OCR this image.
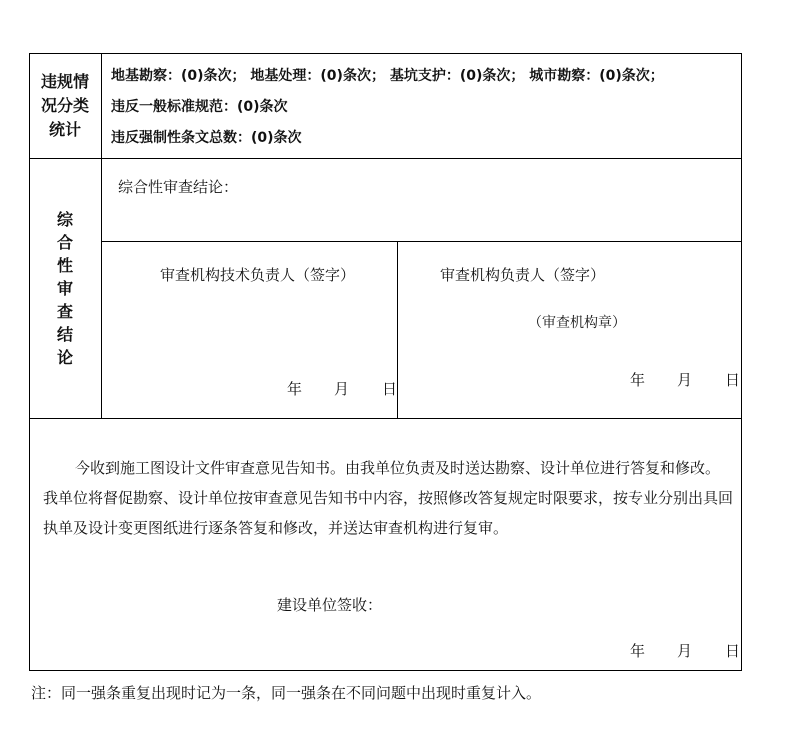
违规情
况分类
统计
地基勘察：(0)条次； 地基处理：(0)条次； 基坑支护：(0)条次； 城市勘察：(0)条次；
违反一般标准规范：(0)条次
违反强制性条文总数：(0)条次
综
合
性
审
查
结
论
综合性审查结论：
审查机构技术负责人（签字）	审查机构负责人（签字）
（审查机构章）
年 月 日	年 月 日
今收到施工图设计文件审查意见告知书。由我单位负责及时送达勘察、设计单位进行答复和修改。我单位将督促勘察、设计单位按审查意见告知书中内容，按照修改答复规定时限要求，按专业分别出具回执单及设计变更图纸进行逐条答复和修改，并送达审查机构进行复审。
建设单位签收：
年 月 日
注：同一强条重复出现时记为一条，同一强条在不同问题中出现时重复计入。
